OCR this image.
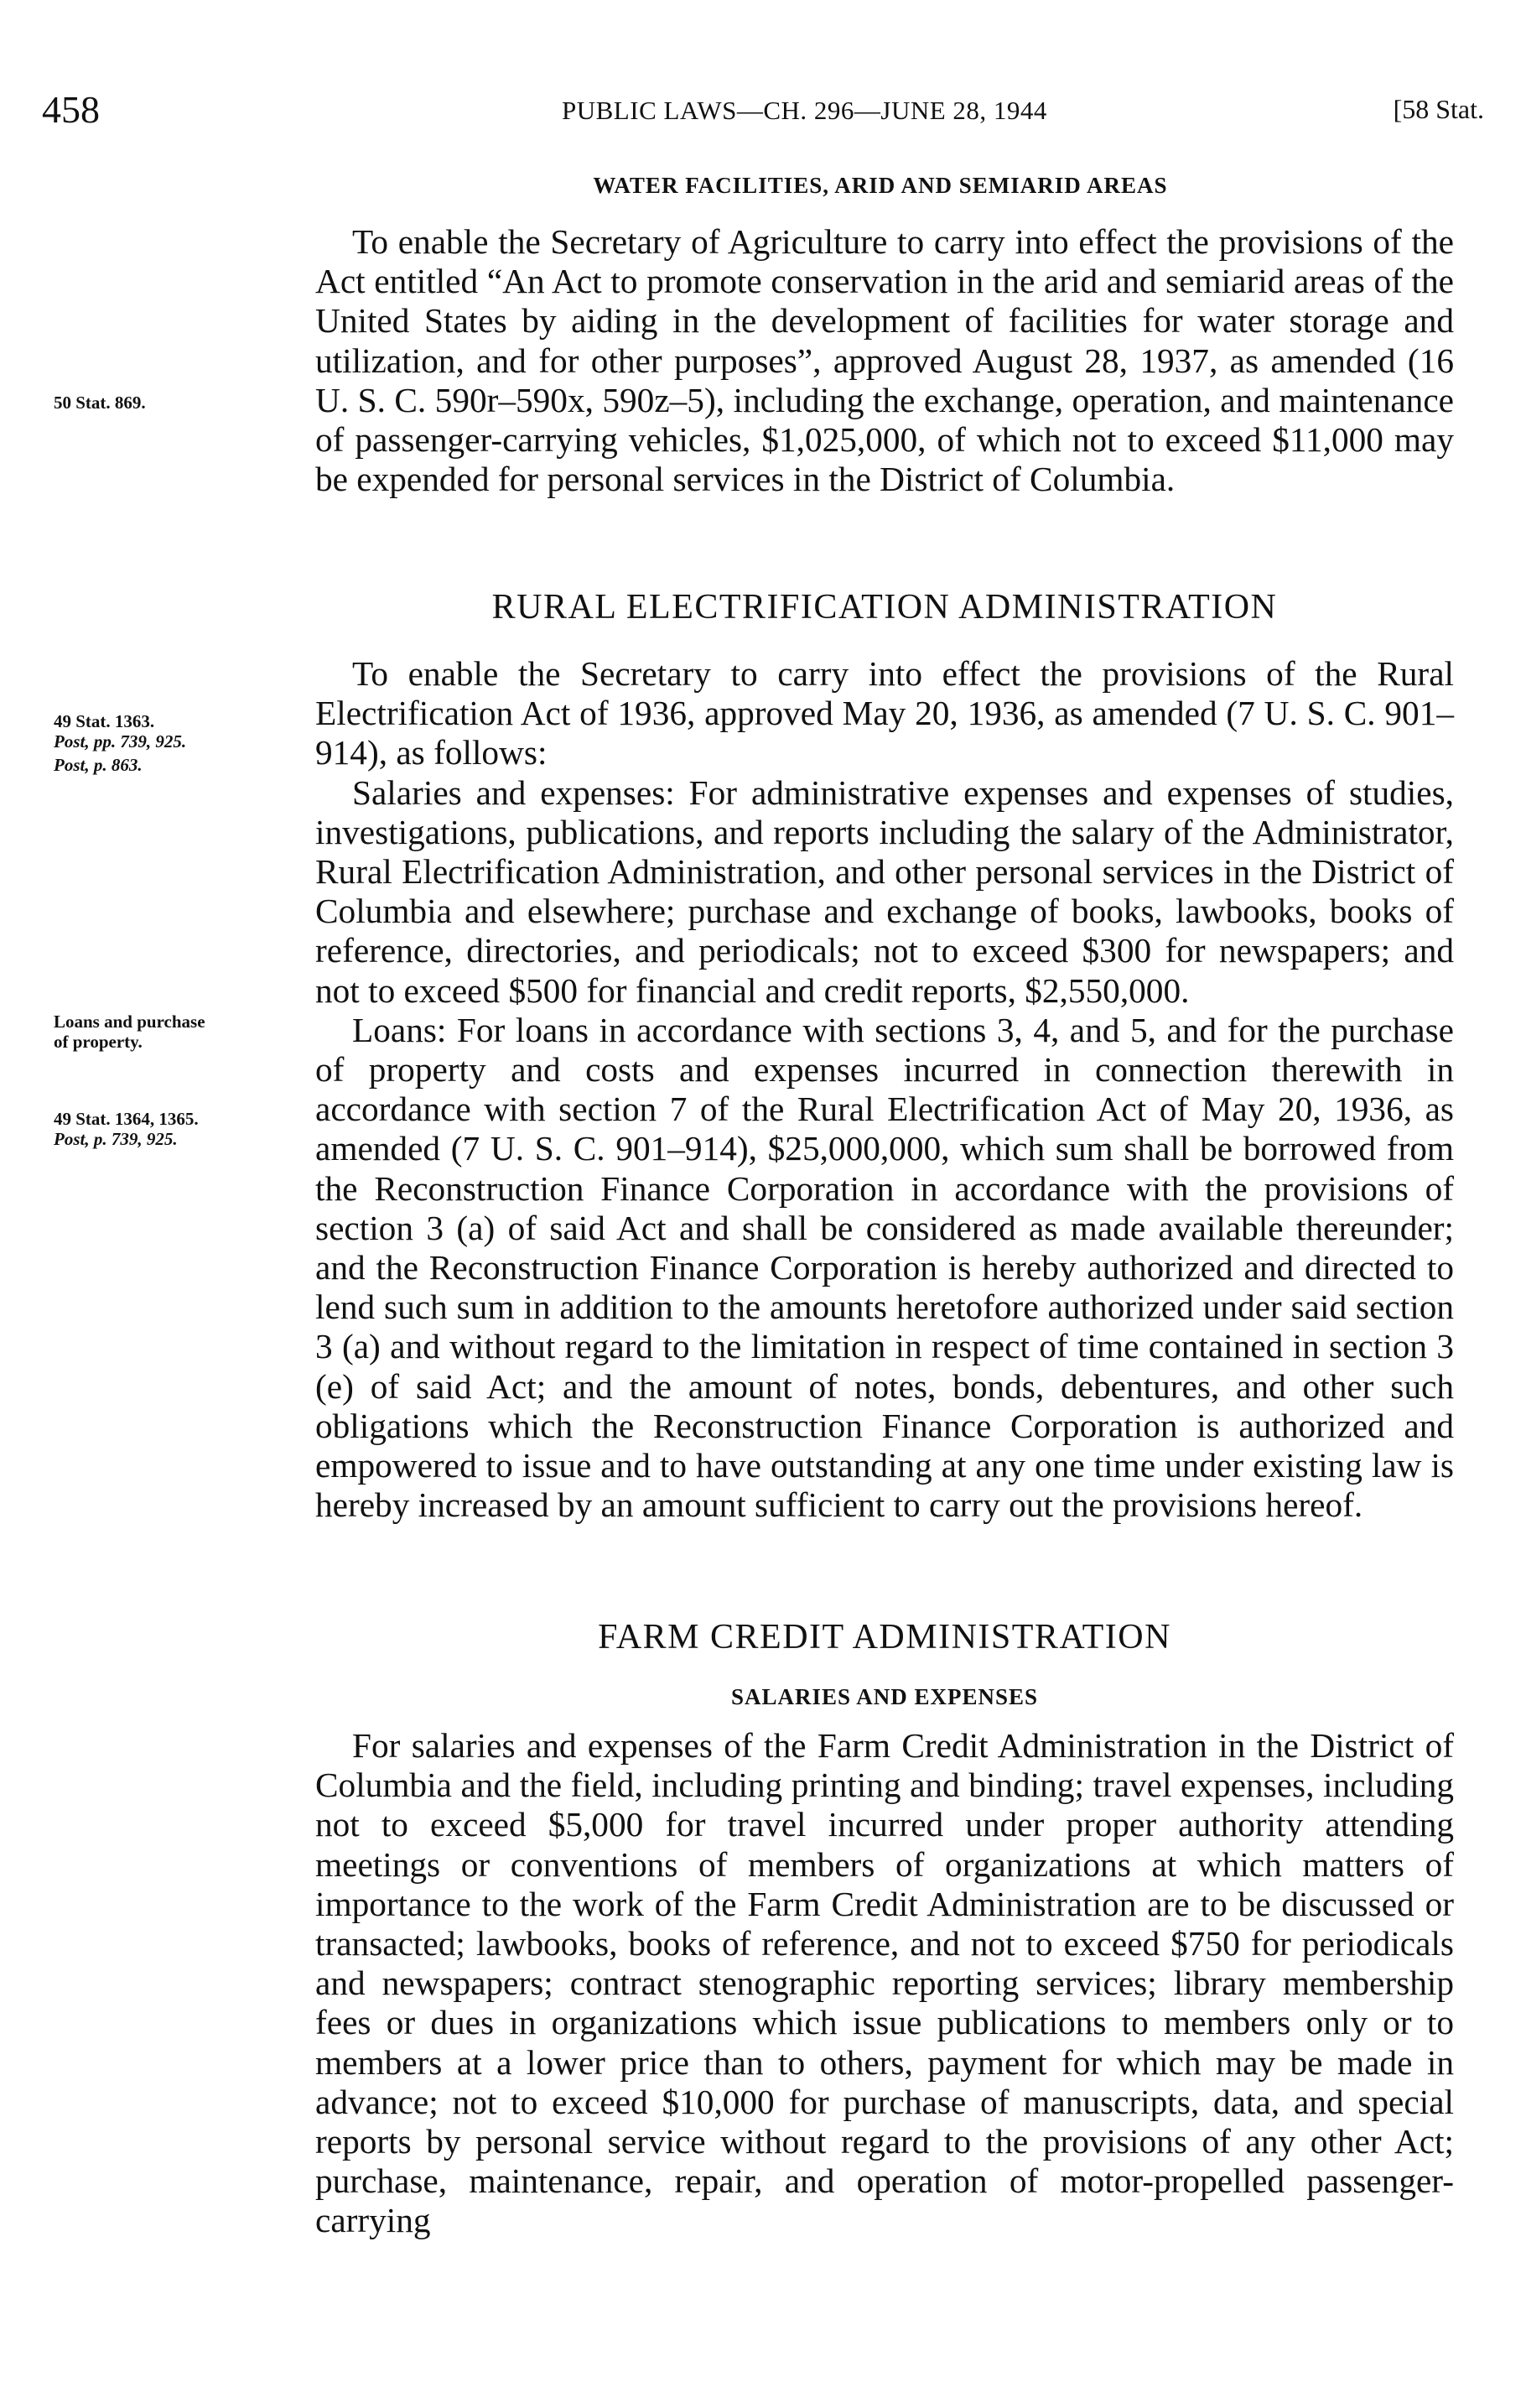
458	PUBLIC LAWS—CH. 296—JUNE 28, 1944	[58 Stat.
WATER FACILITIES, ARID AND SEMIARID AREAS

To enable the Secretary of Agriculture to carry into effect the provisions of the Act entitled “An Act to promote conservation in the arid and semiarid areas of the United States by aiding in the development of facilities for water storage and utilization, and for other purposes”, approved August 28, 1937, as amended (16 U. S. C. 590r–590x, 590z–5), including the exchange, operation, and maintenance of passenger-carrying vehicles, $1,025,000, of which not to exceed $11,000 may be expended for personal services in the District of Columbia.

RURAL ELECTRIFICATION ADMINISTRATION

To enable the Secretary to carry into effect the provisions of the Rural Electrification Act of 1936, approved May 20, 1936, as amended (7 U. S. C. 901–914), as follows:

Salaries and expenses: For administrative expenses and expenses of studies, investigations, publications, and reports including the salary of the Administrator, Rural Electrification Administration, and other personal services in the District of Columbia and elsewhere; purchase and exchange of books, lawbooks, books of reference, directories, and periodicals; not to exceed $300 for newspapers; and not to exceed $500 for financial and credit reports, $2,550,000.

Loans: For loans in accordance with sections 3, 4, and 5, and for the purchase of property and costs and expenses incurred in connection therewith in accordance with section 7 of the Rural Electrification Act of May 20, 1936, as amended (7 U. S. C. 901–914), $25,000,000, which sum shall be borrowed from the Reconstruction Finance Corporation in accordance with the provisions of section 3 (a) of said Act and shall be considered as made available thereunder; and the Reconstruction Finance Corporation is hereby authorized and directed to lend such sum in addition to the amounts heretofore authorized under said section 3 (a) and without regard to the limitation in respect of time contained in section 3 (e) of said Act; and the amount of notes, bonds, debentures, and other such obligations which the Reconstruction Finance Corporation is authorized and empowered to issue and to have outstanding at any one time under existing law is hereby increased by an amount sufficient to carry out the provisions hereof.

FARM CREDIT ADMINISTRATION
SALARIES AND EXPENSES

For salaries and expenses of the Farm Credit Administration in the District of Columbia and the field, including printing and binding; travel expenses, including not to exceed $5,000 for travel incurred under proper authority attending meetings or conventions of members of organizations at which matters of importance to the work of the Farm Credit Administration are to be discussed or transacted; lawbooks, books of reference, and not to exceed $750 for periodicals and newspapers; contract stenographic reporting services; library membership fees or dues in organizations which issue publications to members only or to members at a lower price than to others, payment for which may be made in advance; not to exceed $10,000 for purchase of manuscripts, data, and special reports by personal service without regard to the provisions of any other Act; purchase, maintenance, repair, and operation of motor-propelled passenger-carrying

50 Stat. 869.
49 Stat. 1363.
Post, pp. 739, 925.
Post, p. 863.
Loans and purchase
of property.
49 Stat. 1364, 1365.
Post, p. 739, 925.
